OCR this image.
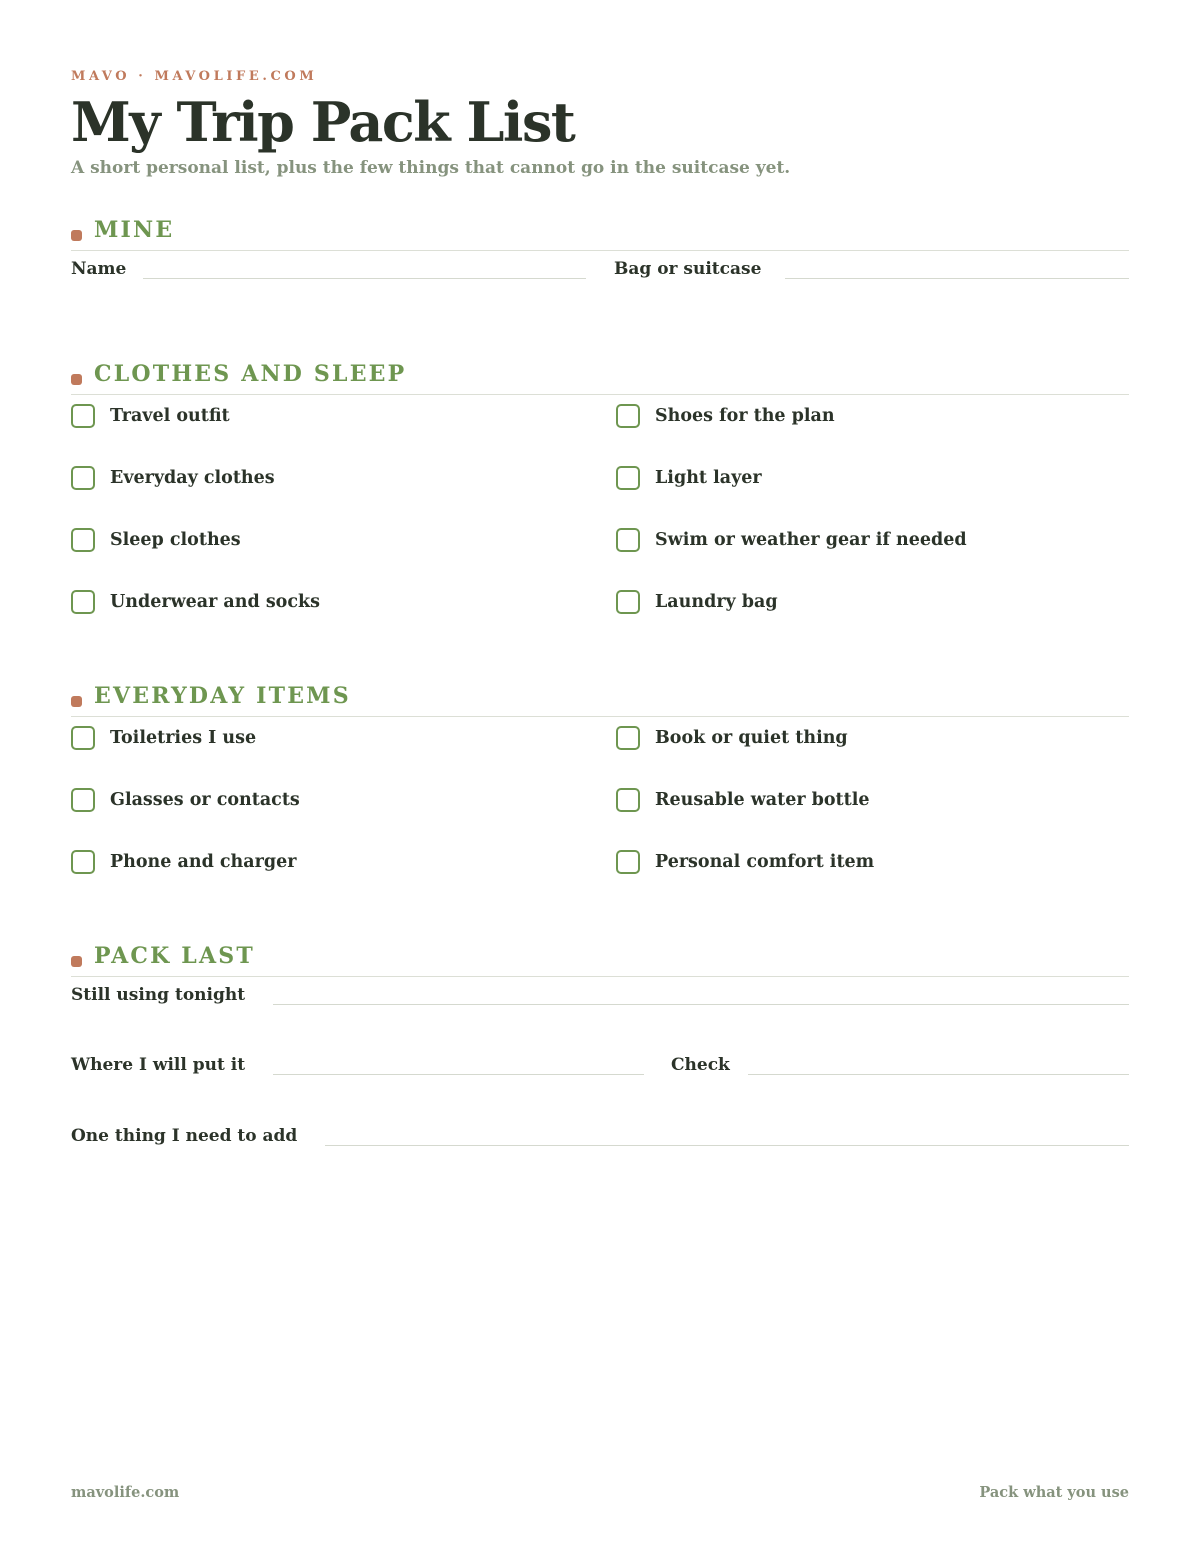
MAVO · MAVOLIFE.COM
My Trip Pack List
A short personal list, plus the few things that cannot go in the suitcase yet.
MINE
Name	Bag or suitcase
CLOTHES AND SLEEP
Travel outfit	Shoes for the plan
Everyday clothes	Light layer
Sleep clothes	Swim or weather gear if needed
Underwear and socks	Laundry bag
EVERYDAY ITEMS
Toiletries I use	Book or quiet thing
Glasses or contacts	Reusable water bottle
Phone and charger	Personal comfort item
PACK LAST
Still using tonight
Where I will put it	Check
One thing I need to add
mavolife.com	Pack what you use
